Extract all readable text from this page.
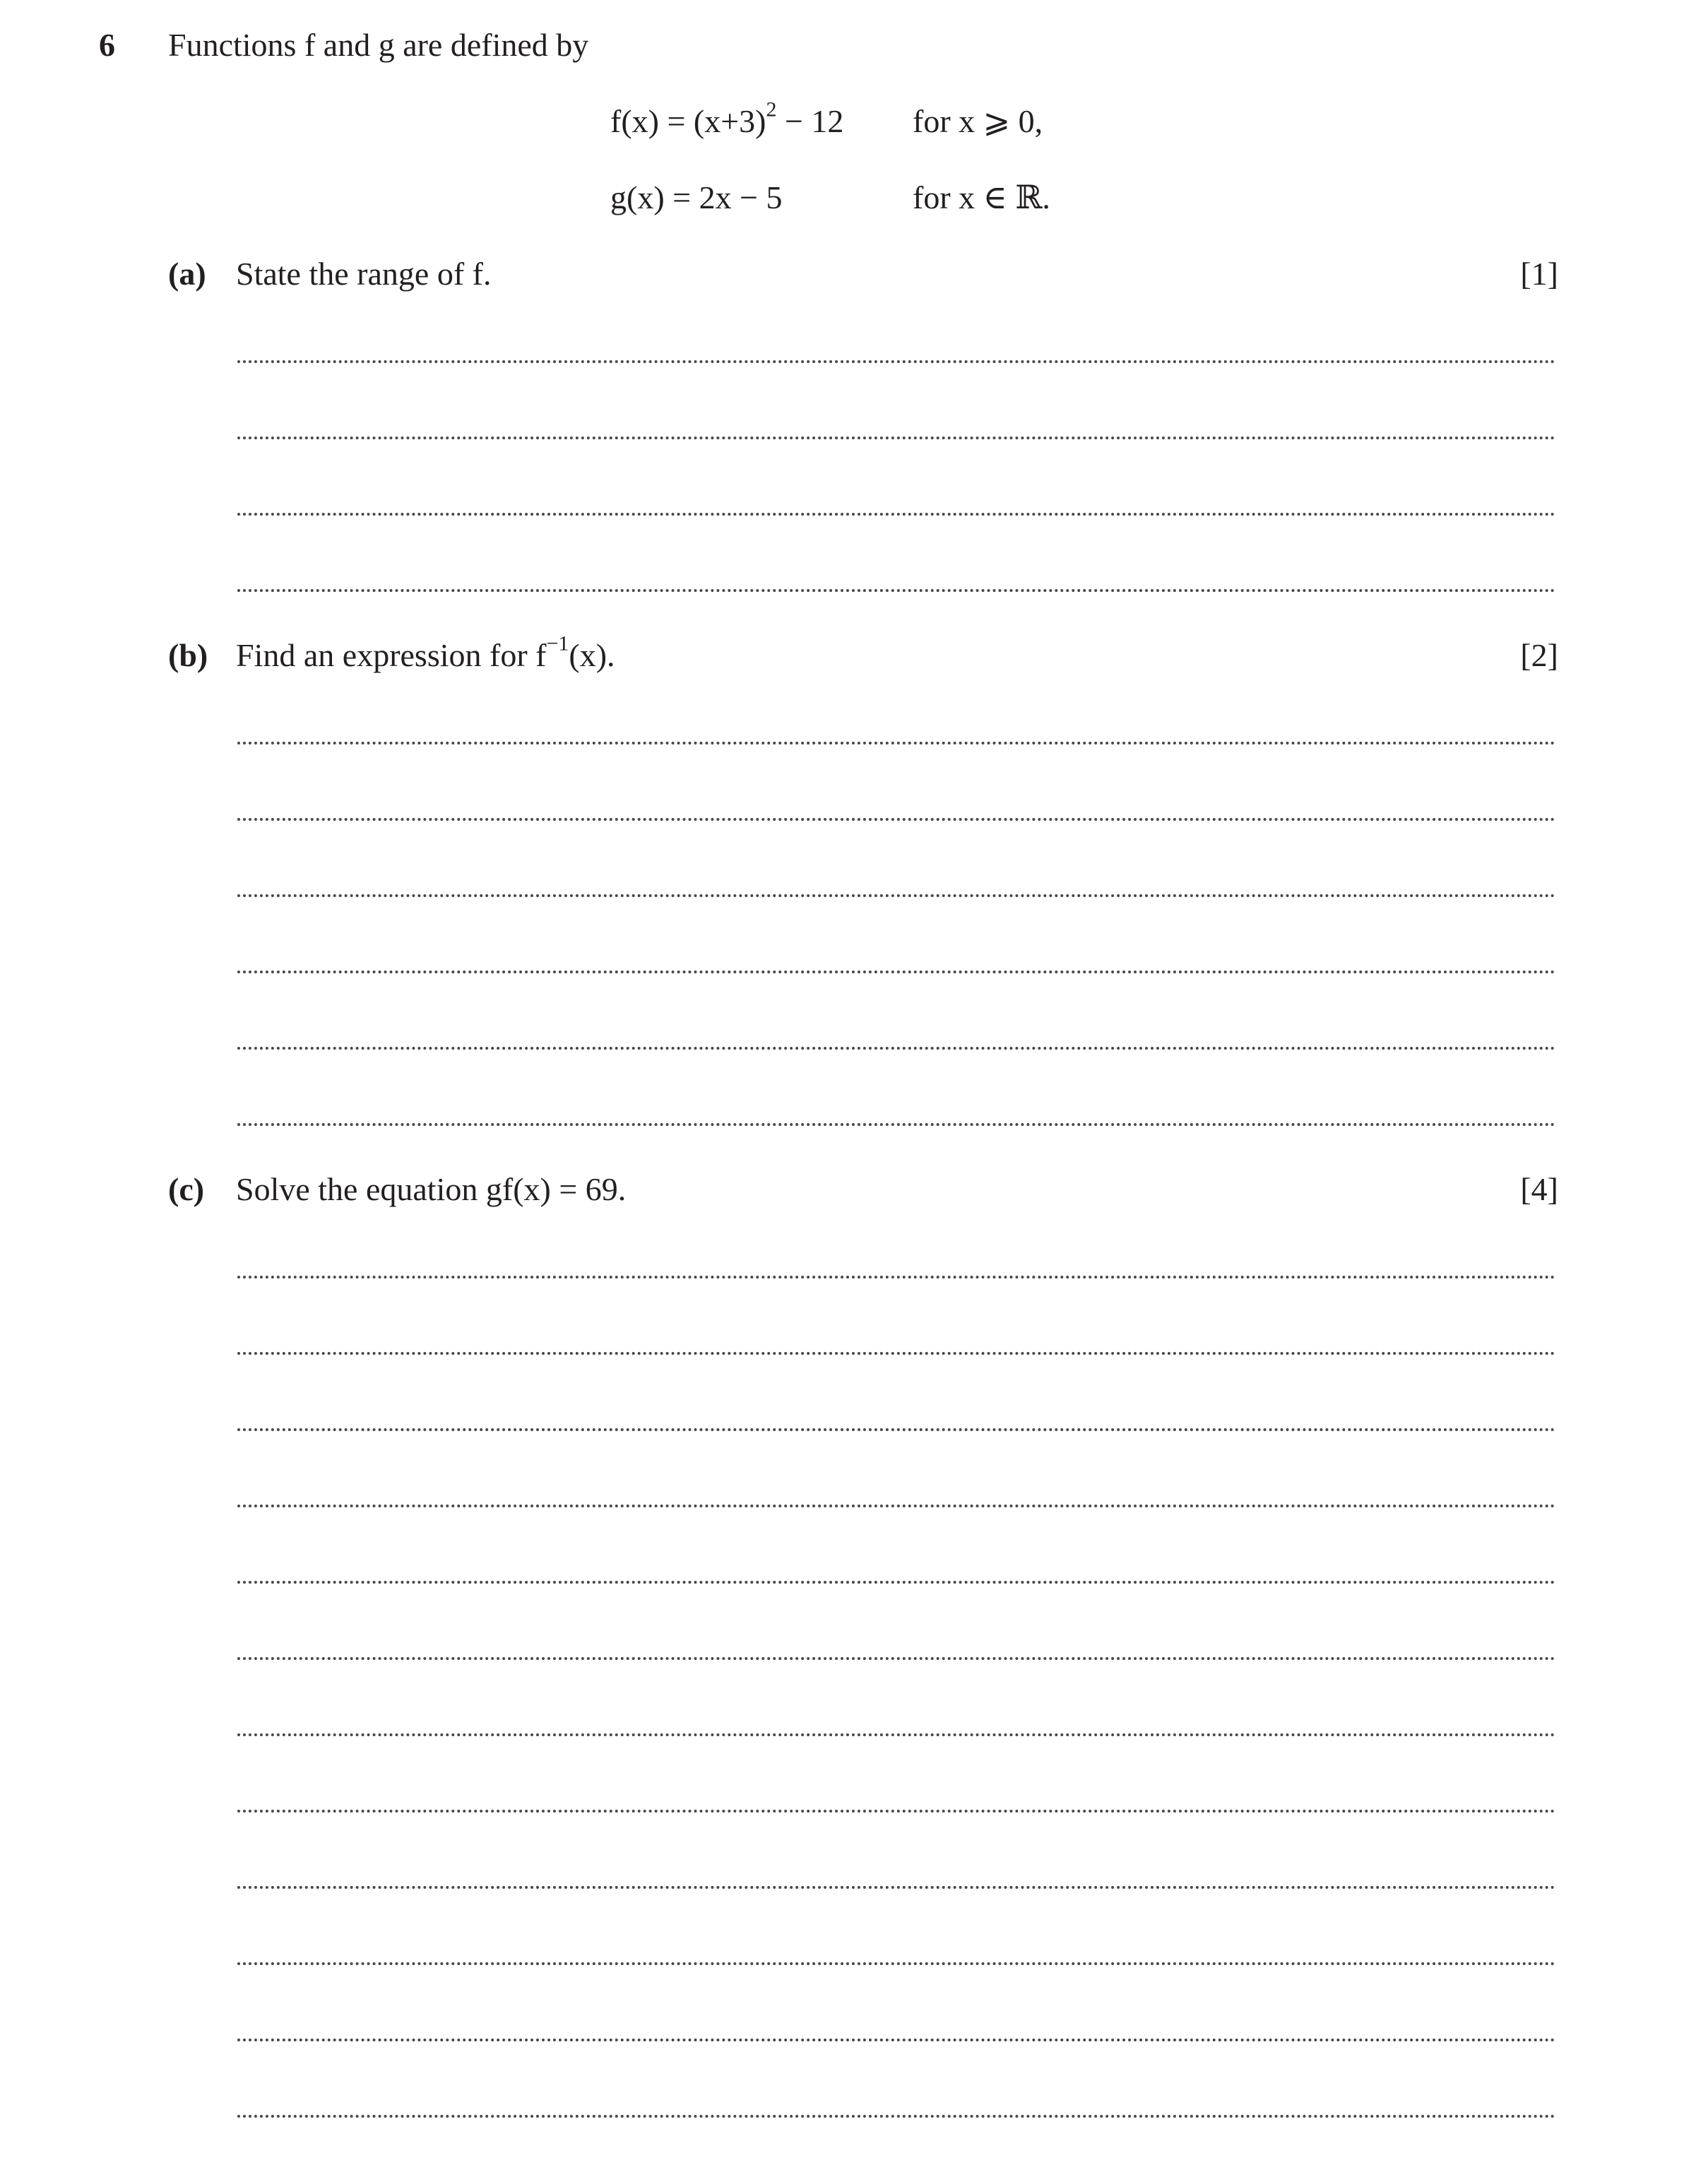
6 Functions f and g are defined by
$f(x) = (x+3)^2 - 12$ for x ⩾ 0,
g(x) = 2x − 5	for x ∈ ℝ.
(a) State the range of f.	[1]
(b) Find an expression for $f^{-1}(x)$.	[2]
(c) Solve the equation gf(x) = 69.	[4]
